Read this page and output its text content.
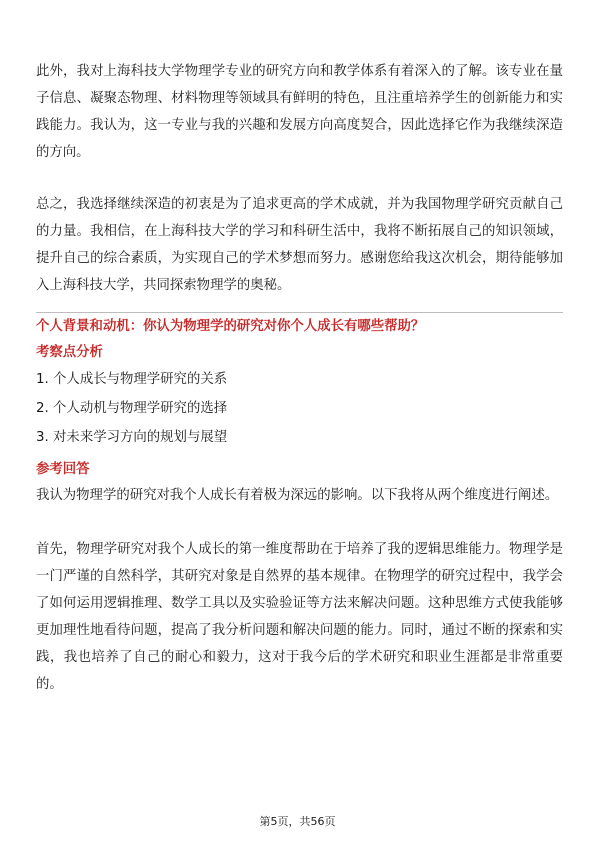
此外，我对上海科技大学物理学专业的研究方向和教学体系有着深入的了解。该专业在量子信息、凝聚态物理、材料物理等领域具有鲜明的特色，且注重培养学生的创新能力和实践能力。我认为，这一专业与我的兴趣和发展方向高度契合，因此选择它作为我继续深造的方向。

总之，我选择继续深造的初衷是为了追求更高的学术成就，并为我国物理学研究贡献自己的力量。我相信，在上海科技大学的学习和科研生活中，我将不断拓展自己的知识领域，提升自己的综合素质，为实现自己的学术梦想而努力。感谢您给我这次机会，期待能够加入上海科技大学，共同探索物理学的奥秘。

个人背景和动机：你认为物理学的研究对你个人成长有哪些帮助？

考察点分析

1. 个人成长与物理学研究的关系
2. 个人动机与物理学研究的选择
3. 对未来学习方向的规划与展望

参考回答

我认为物理学的研究对我个人成长有着极为深远的影响。以下我将从两个维度进行阐述。

首先，物理学研究对我个人成长的第一维度帮助在于培养了我的逻辑思维能力。物理学是一门严谨的自然科学，其研究对象是自然界的基本规律。在物理学的研究过程中，我学会了如何运用逻辑推理、数学工具以及实验验证等方法来解决问题。这种思维方式使我能够更加理性地看待问题，提高了我分析问题和解决问题的能力。同时，通过不断的探索和实践，我也培养了自己的耐心和毅力，这对于我今后的学术研究和职业生涯都是非常重要的。

第5页，共56页
